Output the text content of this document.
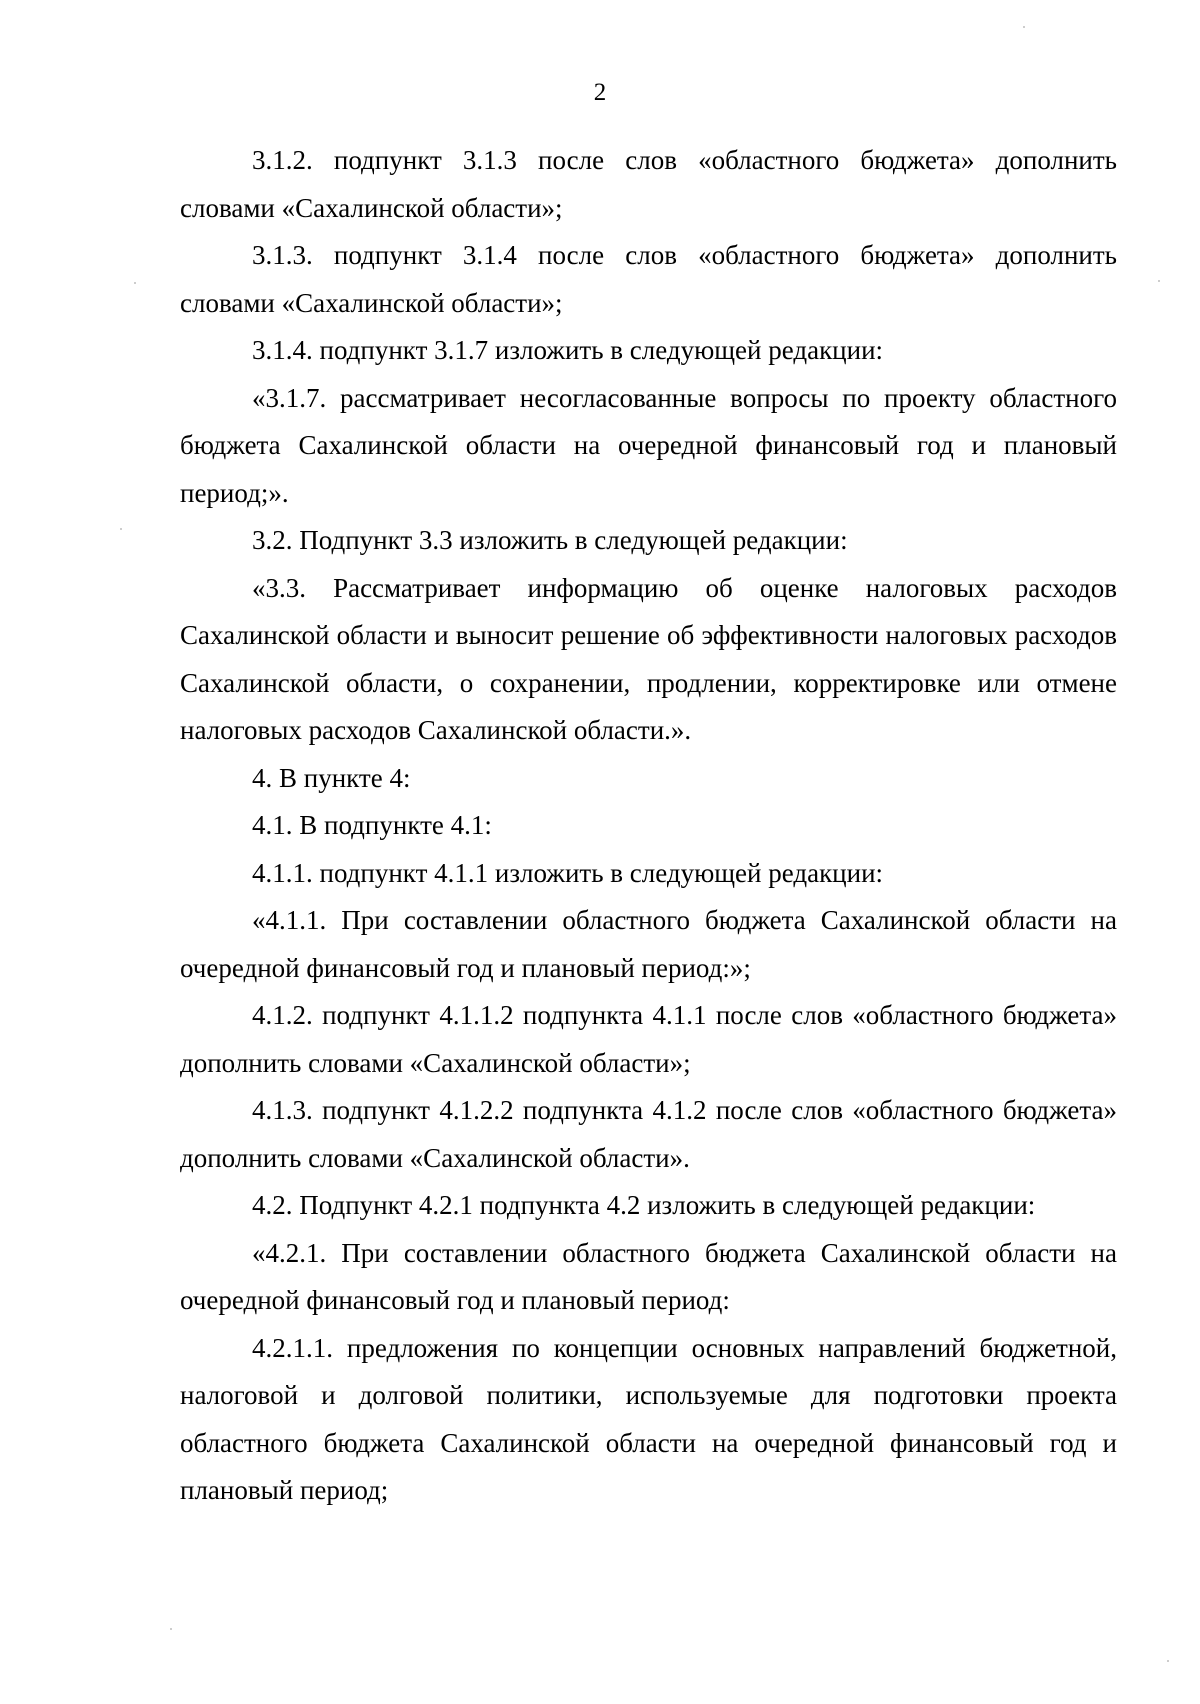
2

3.1.2. подпункт 3.1.3 после слов «областного бюджета» дополнить словами «Сахалинской области»;

3.1.3. подпункт 3.1.4 после слов «областного бюджета» дополнить словами «Сахалинской области»;

3.1.4. подпункт 3.1.7 изложить в следующей редакции:

«3.1.7. рассматривает несогласованные вопросы по проекту областного бюджета Сахалинской области на очередной финансовый год и плановый период;».

3.2. Подпункт 3.3 изложить в следующей редакции:

«3.3. Рассматривает информацию об оценке налоговых расходов Сахалинской области и выносит решение об эффективности налоговых расходов Сахалинской области, о сохранении, продлении, корректировке или отмене налоговых расходов Сахалинской области.».

4. В пункте 4:

4.1. В подпункте 4.1:

4.1.1. подпункт 4.1.1 изложить в следующей редакции:

«4.1.1. При составлении областного бюджета Сахалинской области на очередной финансовый год и плановый период:»;

4.1.2. подпункт 4.1.1.2 подпункта 4.1.1 после слов «областного бюджета» дополнить словами «Сахалинской области»;

4.1.3. подпункт 4.1.2.2 подпункта 4.1.2 после слов «областного бюджета» дополнить словами «Сахалинской области».

4.2. Подпункт 4.2.1 подпункта 4.2 изложить в следующей редакции:

«4.2.1. При составлении областного бюджета Сахалинской области на очередной финансовый год и плановый период:

4.2.1.1. предложения по концепции основных направлений бюджетной, налоговой и долговой политики, используемые для подготовки проекта областного бюджета Сахалинской области на очередной финансовый год и плановый период;
